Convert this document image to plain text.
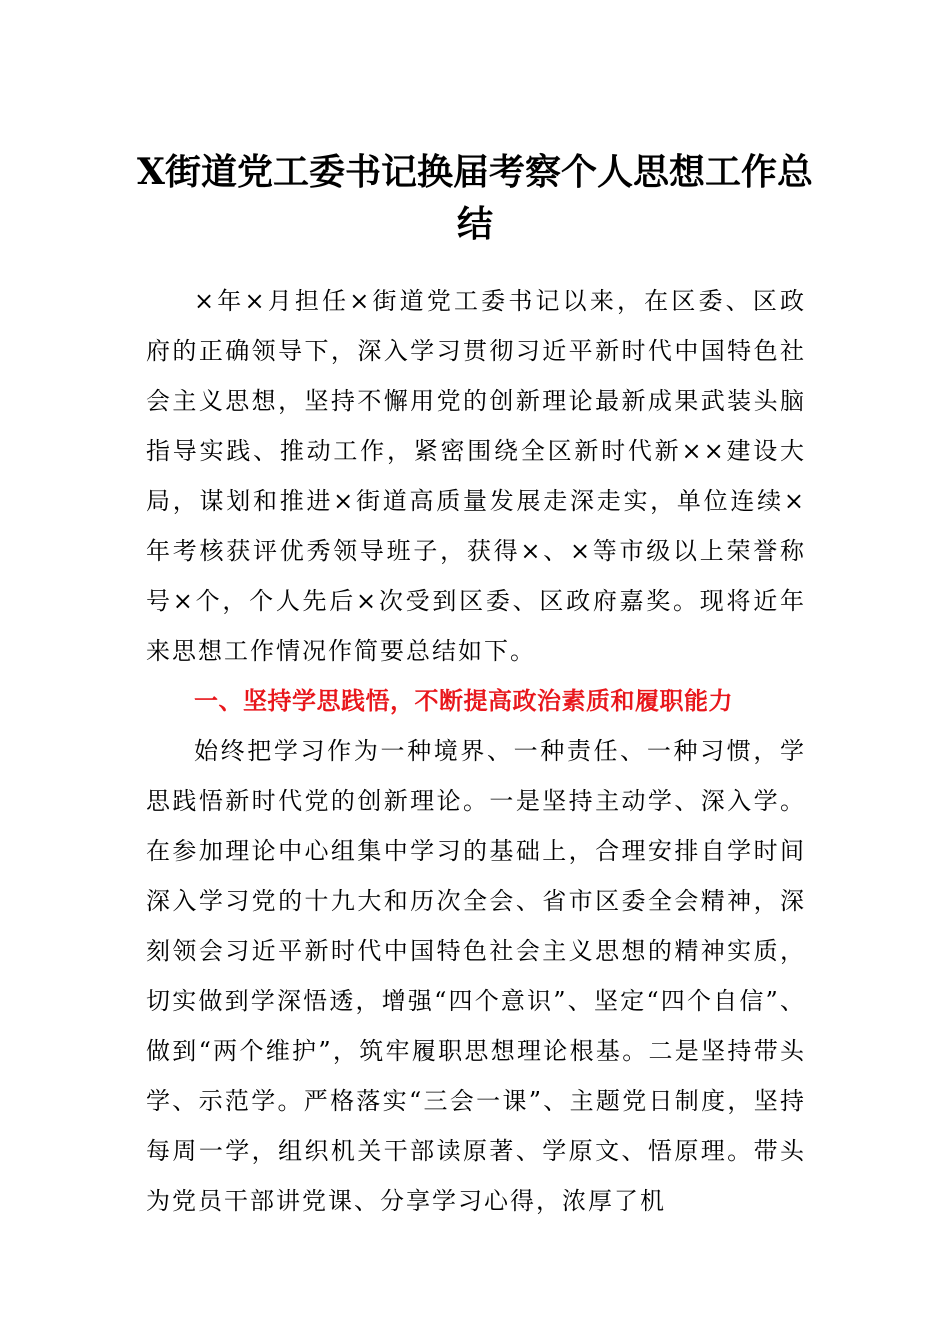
X街道党工委书记换届考察个人思想工作总结

×年×月担任×街道党工委书记以来，在区委、区政府的正确领导下，深入学习贯彻习近平新时代中国特色社会主义思想，坚持不懈用党的创新理论最新成果武装头脑指导实践、推动工作，紧密围绕全区新时代新××建设大局，谋划和推进×街道高质量发展走深走实，单位连续×年考核获评优秀领导班子，获得×、×等市级以上荣誉称号×个，个人先后×次受到区委、区政府嘉奖。现将近年来思想工作情况作简要总结如下。

一、坚持学思践悟，不断提高政治素质和履职能力

始终把学习作为一种境界、一种责任、一种习惯，学思践悟新时代党的创新理论。一是坚持主动学、深入学。在参加理论中心组集中学习的基础上，合理安排自学时间深入学习党的十九大和历次全会、省市区委全会精神，深刻领会习近平新时代中国特色社会主义思想的精神实质，切实做到学深悟透，增强“四个意识”、坚定“四个自信”、做到“两个维护”，筑牢履职思想理论根基。二是坚持带头学、示范学。严格落实“三会一课”、主题党日制度，坚持每周一学，组织机关干部读原著、学原文、悟原理。带头为党员干部讲党课、分享学习心得，浓厚了机
